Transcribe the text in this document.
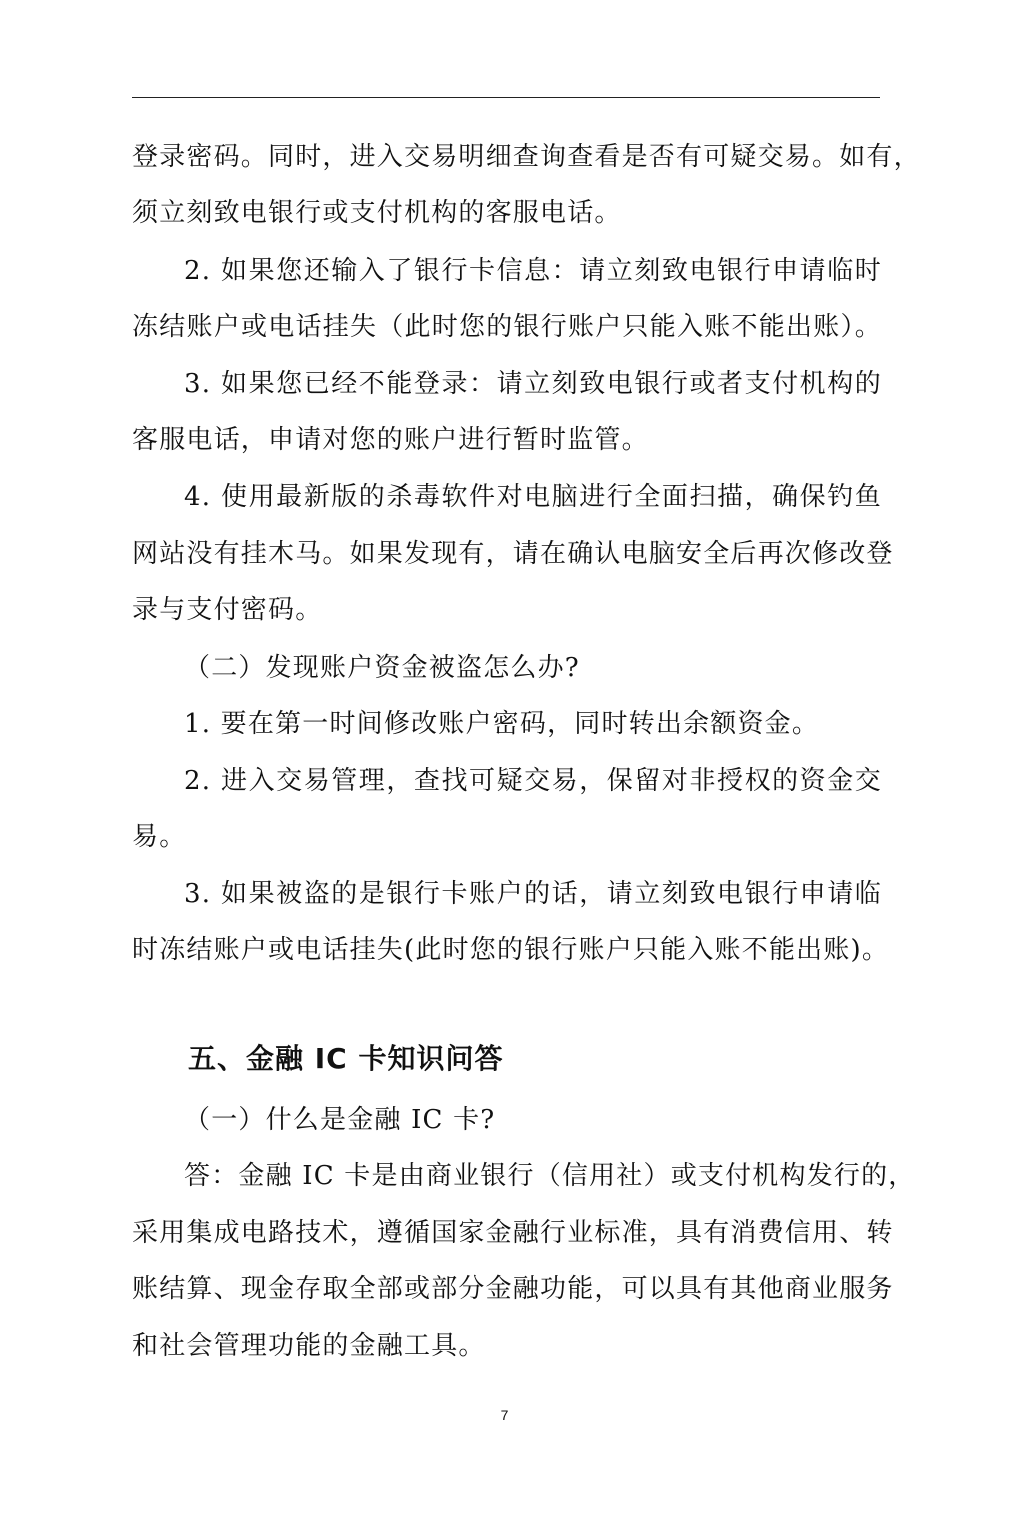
登录密码。同时，进入交易明细查询查看是否有可疑交易。如有，
须立刻致电银行或支付机构的客服电话。
2. 如果您还输入了银行卡信息：请立刻致电银行申请临时
冻结账户或电话挂失（此时您的银行账户只能入账不能出账）。
3. 如果您已经不能登录：请立刻致电银行或者支付机构的
客服电话，申请对您的账户进行暂时监管。
4. 使用最新版的杀毒软件对电脑进行全面扫描，确保钓鱼
网站没有挂木马。如果发现有，请在确认电脑安全后再次修改登
录与支付密码。
（二）发现账户资金被盗怎么办?
1. 要在第一时间修改账户密码，同时转出余额资金。
2. 进入交易管理，查找可疑交易，保留对非授权的资金交
易。
3. 如果被盗的是银行卡账户的话，请立刻致电银行申请临
时冻结账户或电话挂失(此时您的银行账户只能入账不能出账)。
五、金融 IC 卡知识问答
（一）什么是金融 IC 卡?
答：金融 IC 卡是由商业银行（信用社）或支付机构发行的，
采用集成电路技术，遵循国家金融行业标准，具有消费信用、转
账结算、现金存取全部或部分金融功能，可以具有其他商业服务
和社会管理功能的金融工具。
7
